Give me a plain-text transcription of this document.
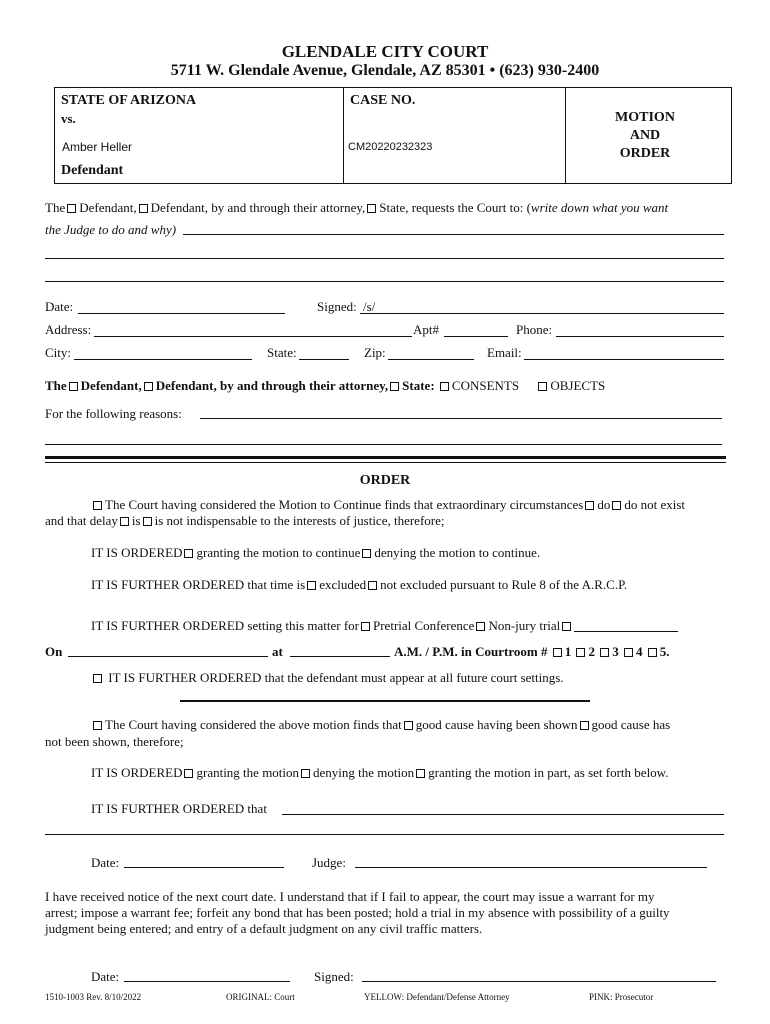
GLENDALE CITY COURT
5711 W. Glendale Avenue, Glendale, AZ 85301 • (623) 930-2400
STATE OF ARIZONA
vs.
Amber Heller
Defendant
CASE NO.
CM20220232323
MOTION
AND
ORDER
The Defendant, Defendant, by and through their attorney, State, requests the Court to: (write down what you want
the Judge to do and why)
Date:	Signed: /s/
Address:	Apt#	Phone:
City:	State:	Zip:	Email:
The Defendant, Defendant, by and through their attorney, State: CONSENTS OBJECTS
For the following reasons:
ORDER
The Court having considered the Motion to Continue finds that extraordinary circumstances do do not exist
and that delay is is not indispensable to the interests of justice, therefore;
IT IS ORDERED granting the motion to continue denying the motion to continue.
IT IS FURTHER ORDERED that time is excluded not excluded pursuant to Rule 8 of the A.R.C.P.
IT IS FURTHER ORDERED setting this matter for Pretrial Conference Non-jury trial
On	at	A.M. / P.M. in Courtroom # 1 2 3 4 5.
IT IS FURTHER ORDERED that the defendant must appear at all future court settings.
The Court having considered the above motion finds that good cause having been shown good cause has
not been shown, therefore;
IT IS ORDERED granting the motion denying the motion granting the motion in part, as set forth below.
IT IS FURTHER ORDERED that
Date:	Judge:
I have received notice of the next court date. I understand that if I fail to appear, the court may issue a warrant for my
arrest; impose a warrant fee; forfeit any bond that has been posted; hold a trial in my absence with possibility of a guilty
judgment being entered; and entry of a default judgment on any civil traffic matters.
Date:	Signed:
1510-1003 Rev. 8/10/2022	ORIGINAL: Court	YELLOW: Defendant/Defense Attorney	PINK: Prosecutor
